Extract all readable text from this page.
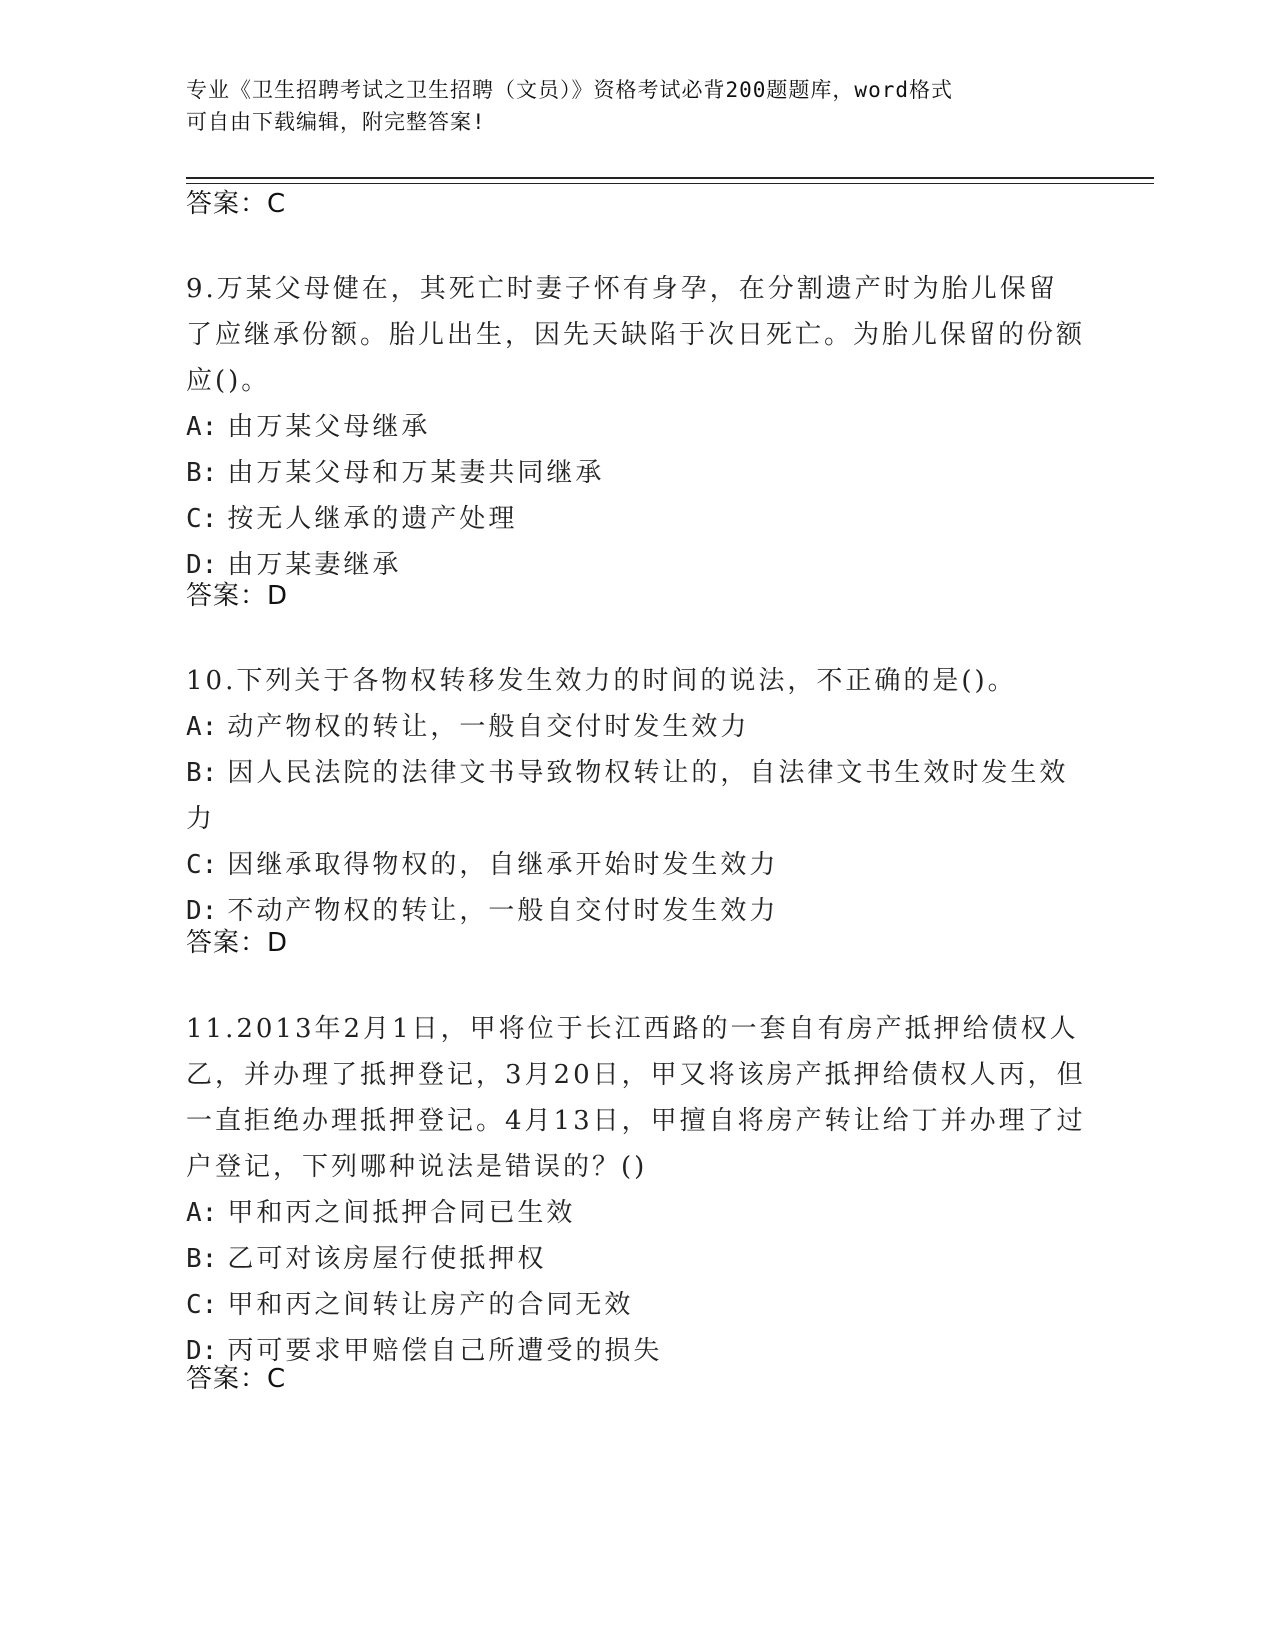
专业《卫生招聘考试之卫生招聘（文员）》资格考试必背200题题库，word格式
可自由下载编辑，附完整答案!
答案：C

9.万某父母健在，其死亡时妻子怀有身孕，在分割遗产时为胎儿保留了应继承份额。胎儿出生，因先天缺陷于次日死亡。为胎儿保留的份额应()。

A: 由万某父母继承

B: 由万某父母和万某妻共同继承

C: 按无人继承的遗产处理

D: 由万某妻继承

答案：D

10.下列关于各物权转移发生效力的时间的说法，不正确的是()。

A: 动产物权的转让，一般自交付时发生效力

B: 因人民法院的法律文书导致物权转让的，自法律文书生效时发生效力

C: 因继承取得物权的，自继承开始时发生效力

D: 不动产物权的转让，一般自交付时发生效力

答案：D

11.2013年2月1日，甲将位于长江西路的一套自有房产抵押给债权人乙，并办理了抵押登记，3月20日，甲又将该房产抵押给债权人丙，但一直拒绝办理抵押登记。4月13日，甲擅自将房产转让给丁并办理了过户登记，下列哪种说法是错误的？()

A: 甲和丙之间抵押合同已生效

B: 乙可对该房屋行使抵押权

C: 甲和丙之间转让房产的合同无效

D: 丙可要求甲赔偿自己所遭受的损失

答案：C
